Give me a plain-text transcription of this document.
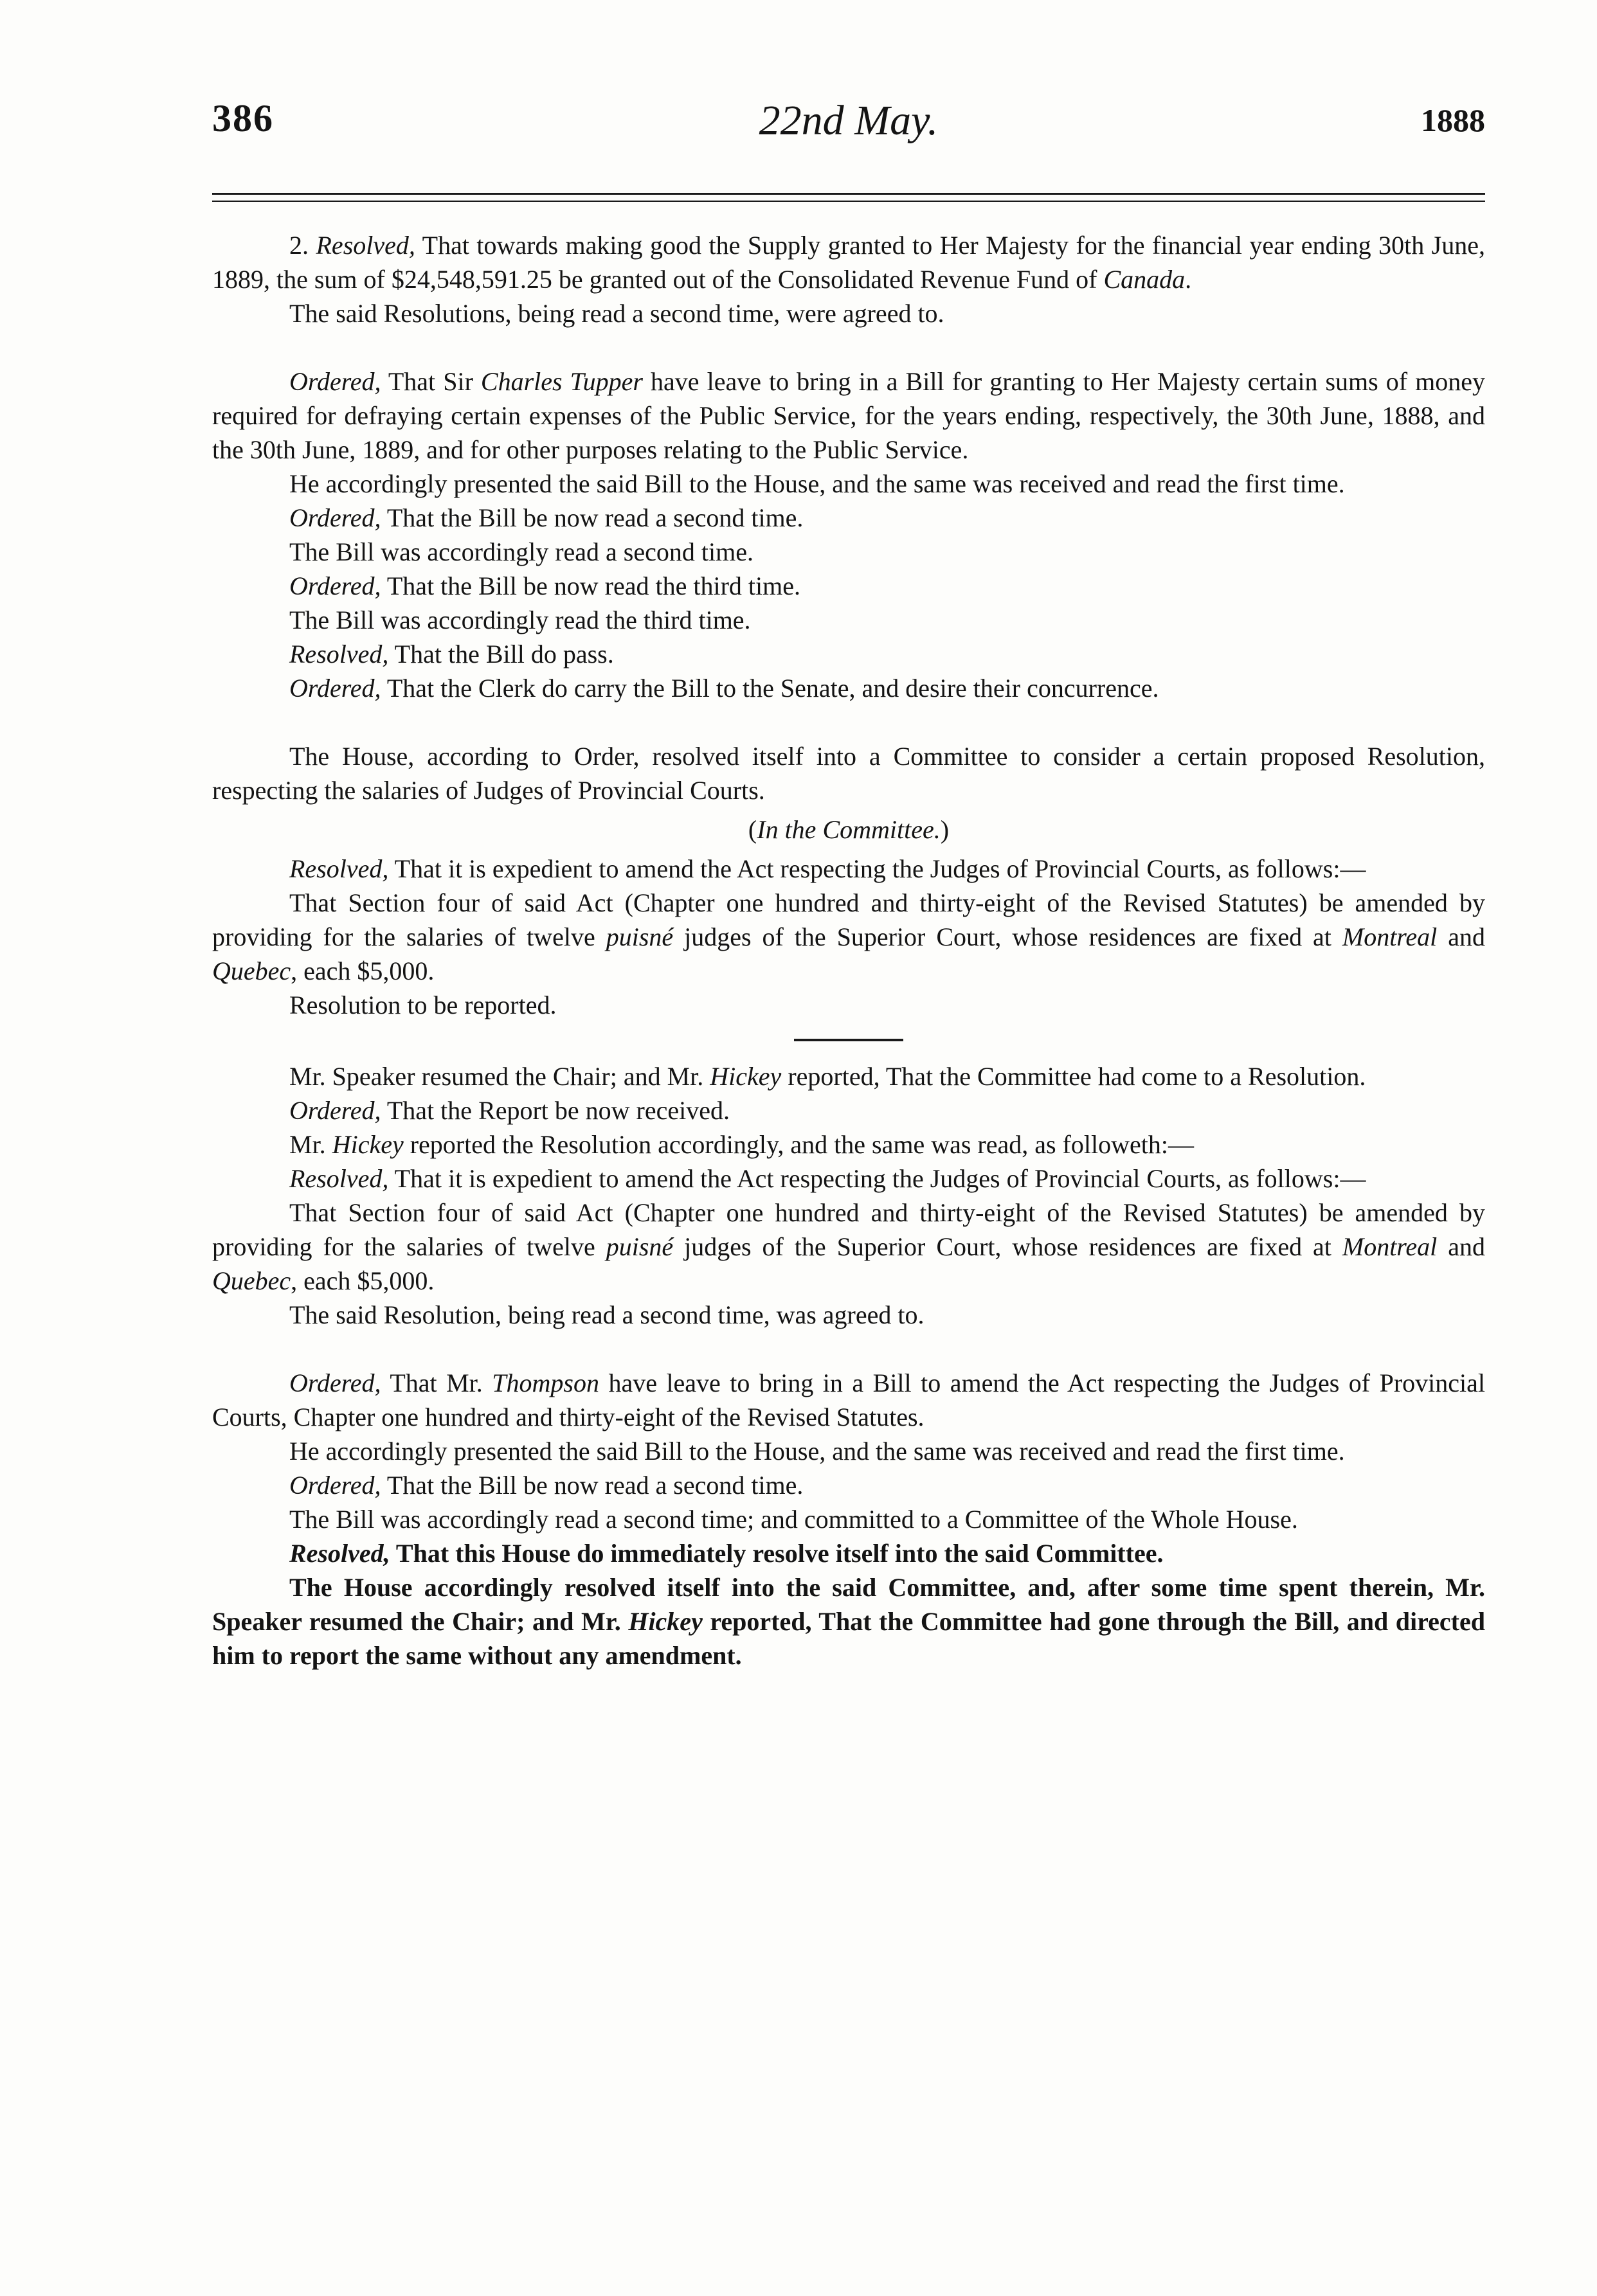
386	22nd May.	1888

2. Resolved, That towards making good the Supply granted to Her Majesty for the financial year ending 30th June, 1889, the sum of $24,548,591.25 be granted out of the Consolidated Revenue Fund of Canada.

The said Resolutions, being read a second time, were agreed to.

Ordered, That Sir Charles Tupper have leave to bring in a Bill for granting to Her Majesty certain sums of money required for defraying certain expenses of the Public Service, for the years ending, respectively, the 30th June, 1888, and the 30th June, 1889, and for other purposes relating to the Public Service.

He accordingly presented the said Bill to the House, and the same was received and read the first time.

Ordered, That the Bill be now read a second time.

The Bill was accordingly read a second time.

Ordered, That the Bill be now read the third time.

The Bill was accordingly read the third time.

Resolved, That the Bill do pass.

Ordered, That the Clerk do carry the Bill to the Senate, and desire their concurrence.

The House, according to Order, resolved itself into a Committee to consider a certain proposed Resolution, respecting the salaries of Judges of Provincial Courts.

(In the Committee.)

Resolved, That it is expedient to amend the Act respecting the Judges of Provincial Courts, as follows:—

That Section four of said Act (Chapter one hundred and thirty-eight of the Revised Statutes) be amended by providing for the salaries of twelve puisné judges of the Superior Court, whose residences are fixed at Montreal and Quebec, each $5,000.

Resolution to be reported.

Mr. Speaker resumed the Chair; and Mr. Hickey reported, That the Committee had come to a Resolution.

Ordered, That the Report be now received.

Mr. Hickey reported the Resolution accordingly, and the same was read, as followeth:—

Resolved, That it is expedient to amend the Act respecting the Judges of Provincial Courts, as follows:—

That Section four of said Act (Chapter one hundred and thirty-eight of the Revised Statutes) be amended by providing for the salaries of twelve puisné judges of the Superior Court, whose residences are fixed at Montreal and Quebec, each $5,000.

The said Resolution, being read a second time, was agreed to.

Ordered, That Mr. Thompson have leave to bring in a Bill to amend the Act respecting the Judges of Provincial Courts, Chapter one hundred and thirty-eight of the Revised Statutes.

He accordingly presented the said Bill to the House, and the same was received and read the first time.

Ordered, That the Bill be now read a second time.

The Bill was accordingly read a second time; and committed to a Committee of the Whole House.

Resolved, That this House do immediately resolve itself into the said Committee.

The House accordingly resolved itself into the said Committee, and, after some time spent therein, Mr. Speaker resumed the Chair; and Mr. Hickey reported, That the Committee had gone through the Bill, and directed him to report the same without any amendment.
